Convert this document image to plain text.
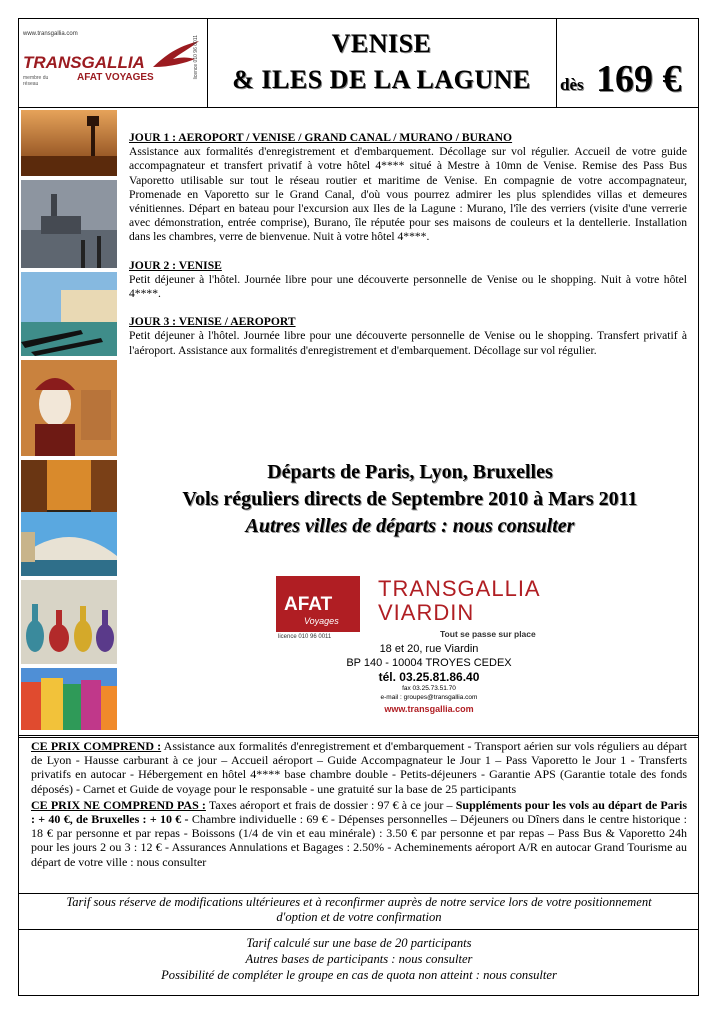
www.transgallia.com
TRANSGALLIA
membre du réseau
AFAT VOYAGES	licence 010 96 0011	VENISE
& ILES DE LA LAGUNE	dès 169 €
JOUR 1 : AEROPORT / VENISE / GRAND CANAL / MURANO / BURANO
Assistance aux formalités d'enregistrement et d'embarquement. Décollage sur vol régulier. Accueil de votre guide accompagnateur et transfert privatif à votre hôtel 4**** situé à Mestre à 10mn de Venise. Remise des Pass Bus Vaporetto utilisable sur tout le réseau routier et maritime de Venise. En compagnie de votre accompagnateur, Promenade en Vaporetto sur le Grand Canal, d'où vous pourrez admirer les plus splendides villas et demeures vénitiennes. Départ en bateau pour l'excursion aux Iles de la Lagune : Murano, l'île des verriers (visite d'une verrerie avec démonstration, entrée comprise), Burano, île réputée pour ses maisons de couleurs et la dentellerie. Installation dans les chambres, verre de bienvenue. Nuit à votre hôtel 4****.
JOUR 2 : VENISE
Petit déjeuner à l'hôtel. Journée libre pour une découverte personnelle de Venise ou le shopping. Nuit à votre hôtel 4****.
JOUR 3 : VENISE / AEROPORT
Petit déjeuner à l'hôtel. Journée libre pour une découverte personnelle de Venise ou le shopping. Transfert privatif à l'aéroport. Assistance aux formalités d'enregistrement et d'embarquement. Décollage sur vol régulier.
Départs de Paris, Lyon, Bruxelles
Vols réguliers directs de Septembre 2010 à Mars 2011
Autres villes de départs : nous consulter
AFAT
Voyages
TRANSGALLIA
VIARDIN
Tout se passe sur place
licence 010 96 0011
18 et 20, rue Viardin
BP 140 - 10004 TROYES CEDEX
tél. 03.25.81.86.40
fax 03.25.73.51.70
e-mail : groupes@transgallia.com
www.transgallia.com

CE PRIX COMPREND : Assistance aux formalités d'enregistrement et d'embarquement - Transport aérien sur vols réguliers au départ de Lyon - Hausse carburant à ce jour – Accueil aéroport – Guide Accompagnateur le Jour 1 – Pass Vaporetto le Jour 1 - Transferts privatifs en autocar - Hébergement en hôtel 4**** base chambre double - Petits-déjeuners - Garantie APS (Garantie totale des fonds déposés) - Carnet et Guide de voyage pour le responsable - une gratuité sur la base de 25 participants

CE PRIX NE COMPREND PAS : Taxes aéroport et frais de dossier : 97 € à ce jour – Suppléments pour les vols au départ de Paris : + 40 €, de Bruxelles : + 10 € - Chambre individuelle : 69 € - Dépenses personnelles – Déjeuners ou Dîners dans le centre historique : 18 € par personne et par repas - Boissons (1/4 de vin et eau minérale) : 3.50 € par personne et par repas – Pass Bus & Vaporetto 24h pour les jours 2 ou 3 : 12 € - Assurances Annulations et Bagages : 2.50% - Acheminements aéroport A/R en autocar Grand Tourisme au départ de votre ville : nous consulter

Tarif sous réserve de modifications ultérieures et à reconfirmer auprès de notre service lors de votre positionnement
d'option et de votre confirmation
Tarif calculé sur une base de 20 participants
Autres bases de participants : nous consulter
Possibilité de compléter le groupe en cas de quota non atteint : nous consulter
